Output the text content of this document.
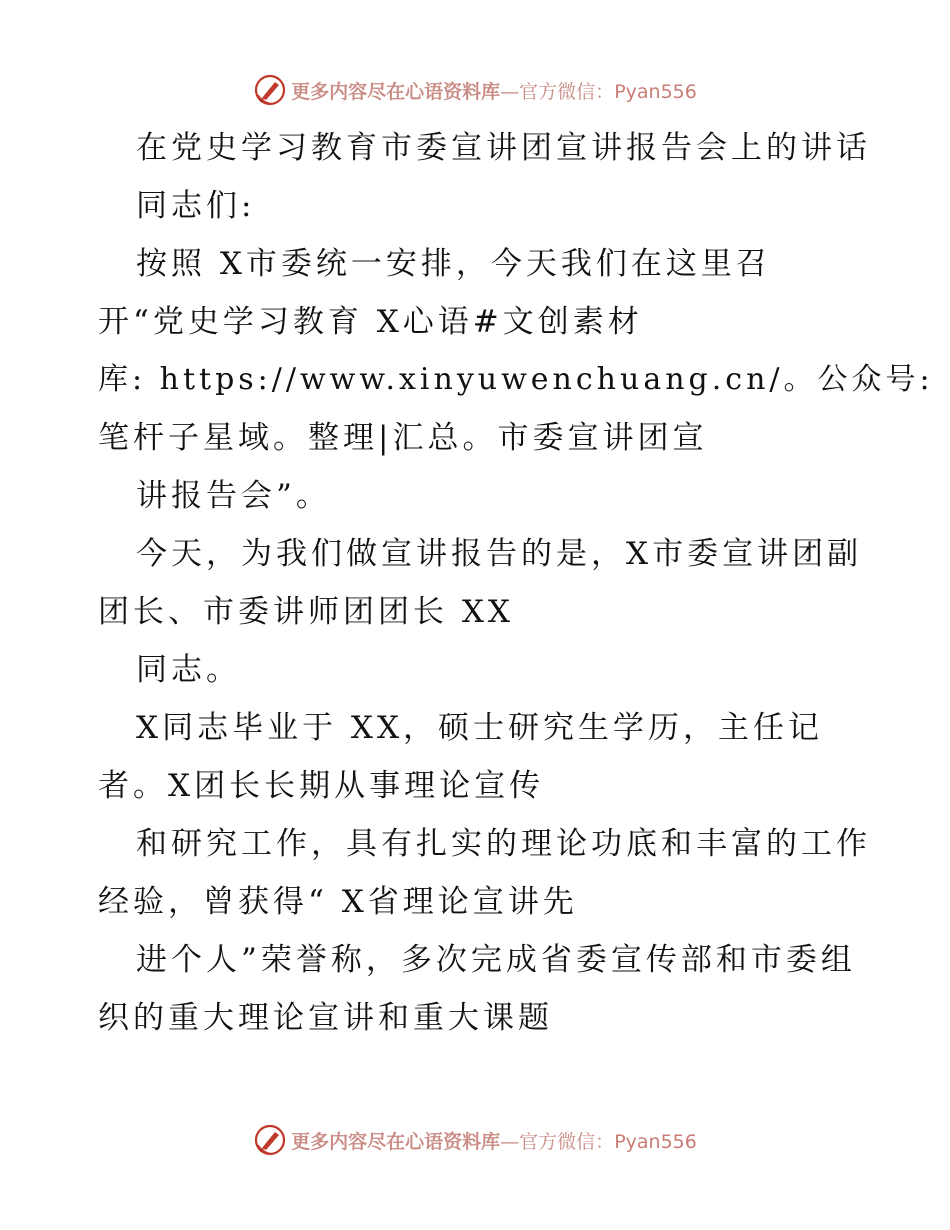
更多内容尽在心语资料库—官方微信：Pyan556
在党史学习教育市委宣讲团宣讲报告会上的讲话
同志们:
按照 X市委统一安排，今天我们在这里召
开“党史学习教育 X心语#文创素材
库: https://www.xinyuwenchuang.cn/。公众号:
笔杆子星域。整理|汇总。市委宣讲团宣
讲报告会”。
今天，为我们做宣讲报告的是，X市委宣讲团副
团长、市委讲师团团长 XX
同志。
X同志毕业于 XX，硕士研究生学历，主任记
者。X团长长期从事理论宣传
和研究工作，具有扎实的理论功底和丰富的工作
经验，曾获得“ X省理论宣讲先
进个人”荣誉称，多次完成省委宣传部和市委组
织的重大理论宣讲和重大课题
更多内容尽在心语资料库—官方微信：Pyan556
